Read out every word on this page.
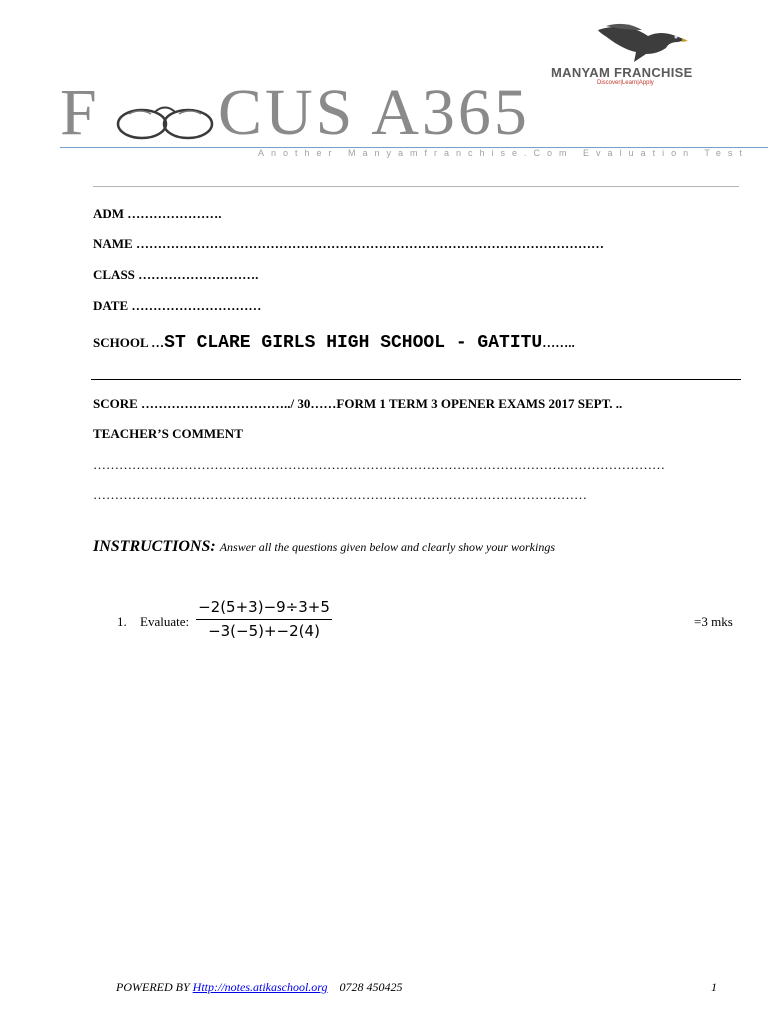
MANYAM FRANCHISE
Discover|Learn|Apply
F CUS A365
Another Manyamfranchise.Com Evaluation Test
ADM ………………….
NAME ………………………………………………………………………………………………
CLASS ……………………….
DATE …………………………
SCHOOL …ST CLARE GIRLS HIGH SCHOOL - GATITU……..
SCORE ……………………………../ 30……FORM 1 TERM 3 OPENER EXAMS 2017 SEPT. ..
TEACHER’S COMMENT
……………………………………………………………………………………………………………………
……………………………………………………………………………………………………
INSTRUCTIONS: Answer all the questions given below and clearly show your workings
1. Evaluate:
−2(5+3)−9÷3+5
−3(−5)+−2(4)
=3 mks
POWERED BY Http://notes.atikaschool.org 0728 450425	1
